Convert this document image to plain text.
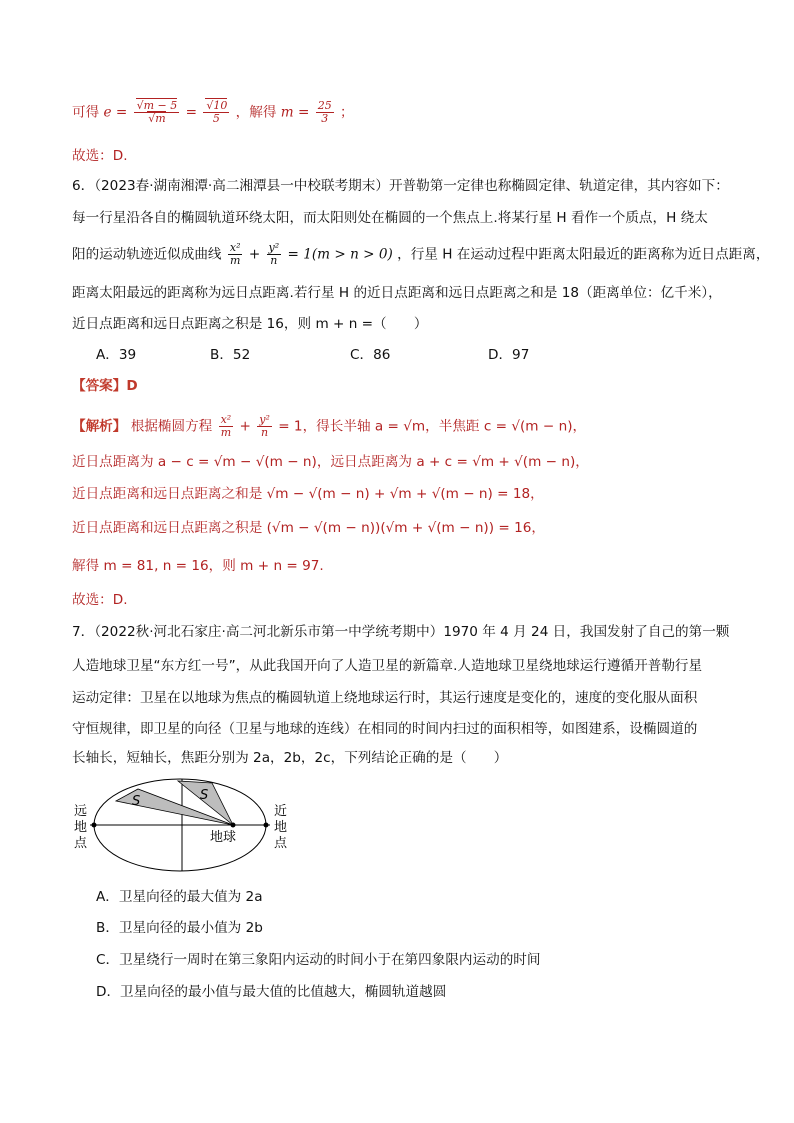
可得 e = √ m − 5
√ m = √ $\frac{10}{5}$ ，解得 $m = \frac{25}{3}$ ；
故选：D.
6．（2023春·湖南湘潭·高二湘潭县一中校联考期末）开普勒第一定律也称椭圆定律、轨道定律，其内容如下：
每一行星沿各自的椭圆轨道环绕太阳，而太阳则处在椭圆的一个焦点上.将某行星 H 看作一个质点，H 绕太
阳的运动轨迹近似成曲线 $\frac{\text{x²}}{m} + \frac{\text{y²}}{n} = 1(m > n > 0)$ ，行星 H 在运动过程中距离太阳最近的距离称为近日点距离，
距离太阳最远的距离称为远日点距离.若行星 H 的近日点距离和远日点距离之和是 18（距离单位：亿千米），
近日点距离和远日点距离之积是 16，则 m + n =（　　）
A．39	B．52	C．86	D．97
【答案】D
【解析】 根据椭圆方程 $\frac{\text{x²}}{m} + \frac{\text{y²}}{n} = 1$，得长半轴 a = √m，半焦距 c = √(m − n)，
近日点距离为 a − c = √m − √(m − n)，远日点距离为 a + c = √m + √(m − n)，
近日点距离和远日点距离之和是 √m − √(m − n) + √m + √(m − n) = 18，
近日点距离和远日点距离之积是 (√m − √(m − n))(√m + √(m − n)) = 16，
解得 m = 81, n = 16，则 m + n = 97.
故选：D.
7．（2022秋·河北石家庄·高二河北新乐市第一中学统考期中）1970 年 4 月 24 日，我国发射了自己的第一颗
人造地球卫星“东方红一号”，从此我国开向了人造卫星的新篇章.人造地球卫星绕地球运行遵循开普勒行星
运动定律：卫星在以地球为焦点的椭圆轨道上绕地球运行时，其运行速度是变化的，速度的变化服从面积
守恒规律，即卫星的向径（卫星与地球的连线）在相同的时间内扫过的面积相等，如图建系，设椭圆道的
长轴长，短轴长，焦距分别为 2a，2b，2c，下列结论正确的是（　　）
S	S
地球
远
地
点
近
地
点
A．卫星向径的最大值为 2a
B．卫星向径的最小值为 2b
C．卫星绕行一周时在第三象阳内运动的时间小于在第四象限内运动的时间
D．卫星向径的最小值与最大值的比值越大，椭圆轨道越圆
